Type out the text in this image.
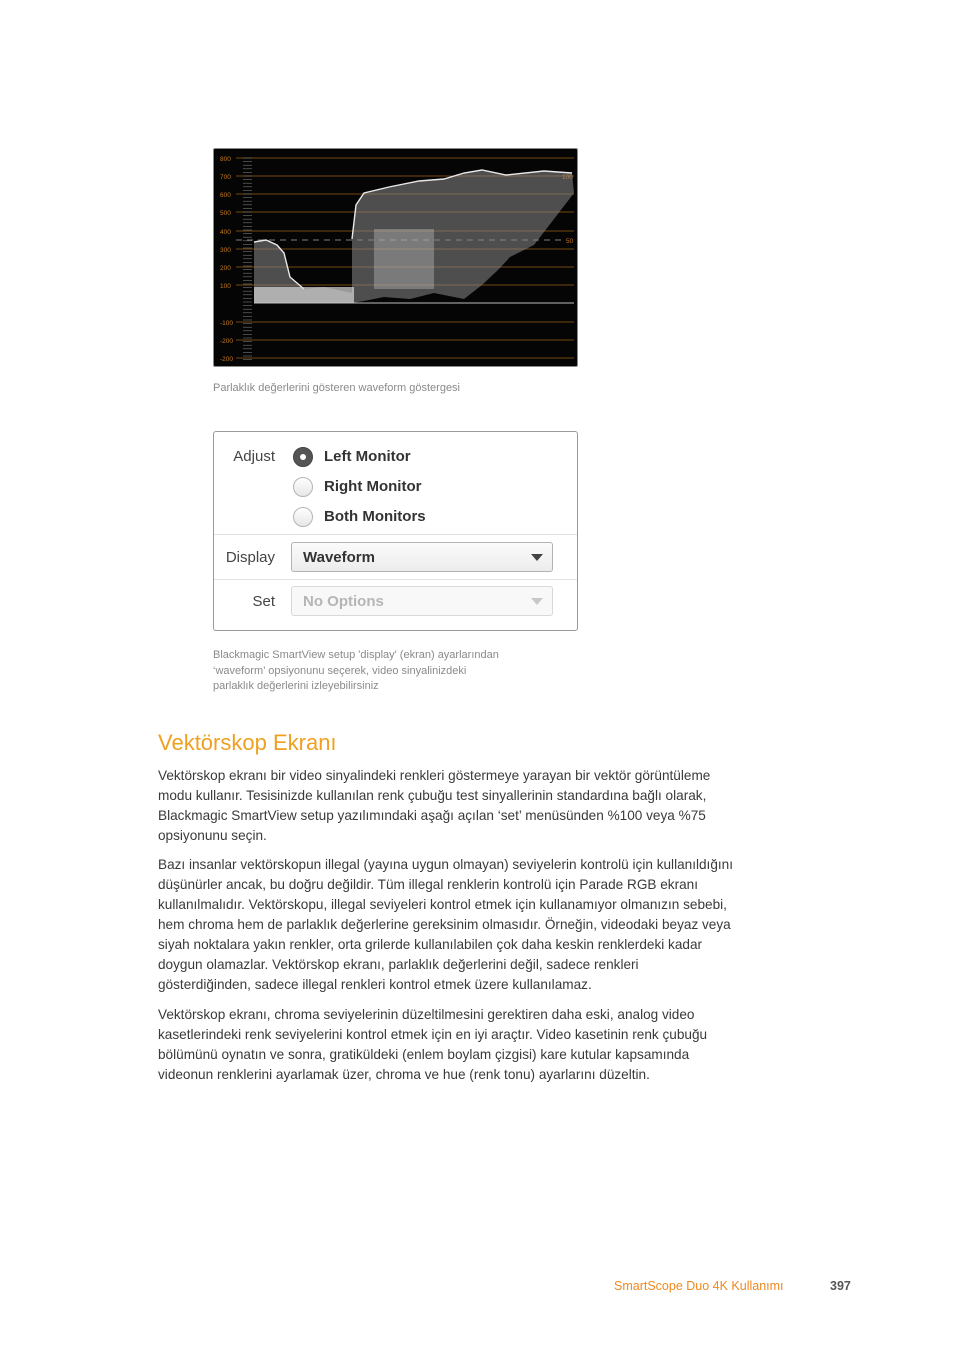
800
700
600
500
400
300
200
100
-100
-200
-200
50
Parlaklık değerlerini gösteren waveform göstergesi
Adjust	Left Monitor
Right Monitor
Both Monitors
Display Waveform
Set No Options
Blackmagic SmartView setup 'display' (ekran) ayarlarından
‘waveform’ opsiyonunu seçerek, video sinyalinizdeki
parlaklık değerlerini izleyebilirsiniz
Vektörskop Ekranı
Vektörskop ekranı bir video sinyalindeki renkleri göstermeye yarayan bir vektör görüntüleme
modu kullanır. Tesisinizde kullanılan renk çubuğu test sinyallerinin standardına bağlı olarak,
Blackmagic SmartView setup yazılımındaki aşağı açılan ‘set’ menüsünden %100 veya %75
opsiyonunu seçin.
Bazı insanlar vektörskopun illegal (yayına uygun olmayan) seviyelerin kontrolü için kullanıldığını
düşünürler ancak, bu doğru değildir. Tüm illegal renklerin kontrolü için Parade RGB ekranı
kullanılmalıdır. Vektörskopu, illegal seviyeleri kontrol etmek için kullanamıyor olmanızın sebebi,
hem chroma hem de parlaklık değerlerine gereksinim olmasıdır. Örneğin, videodaki beyaz veya
siyah noktalara yakın renkler, orta grilerde kullanılabilen çok daha keskin renklerdeki kadar
doygun olamazlar. Vektörskop ekranı, parlaklık değerlerini değil, sadece renkleri
gösterdiğinden, sadece illegal renkleri kontrol etmek üzere kullanılamaz.
Vektörskop ekranı, chroma seviyelerinin düzeltilmesini gerektiren daha eski, analog video
kasetlerindeki renk seviyelerini kontrol etmek için en iyi araçtır. Video kasetinin renk çubuğu
bölümünü oynatın ve sonra, gratiküldeki (enlem boylam çizgisi) kare kutular kapsamında
videonun renklerini ayarlamak üzer, chroma ve hue (renk tonu) ayarlarını düzeltin.
SmartScope Duo 4K Kullanımı	397
